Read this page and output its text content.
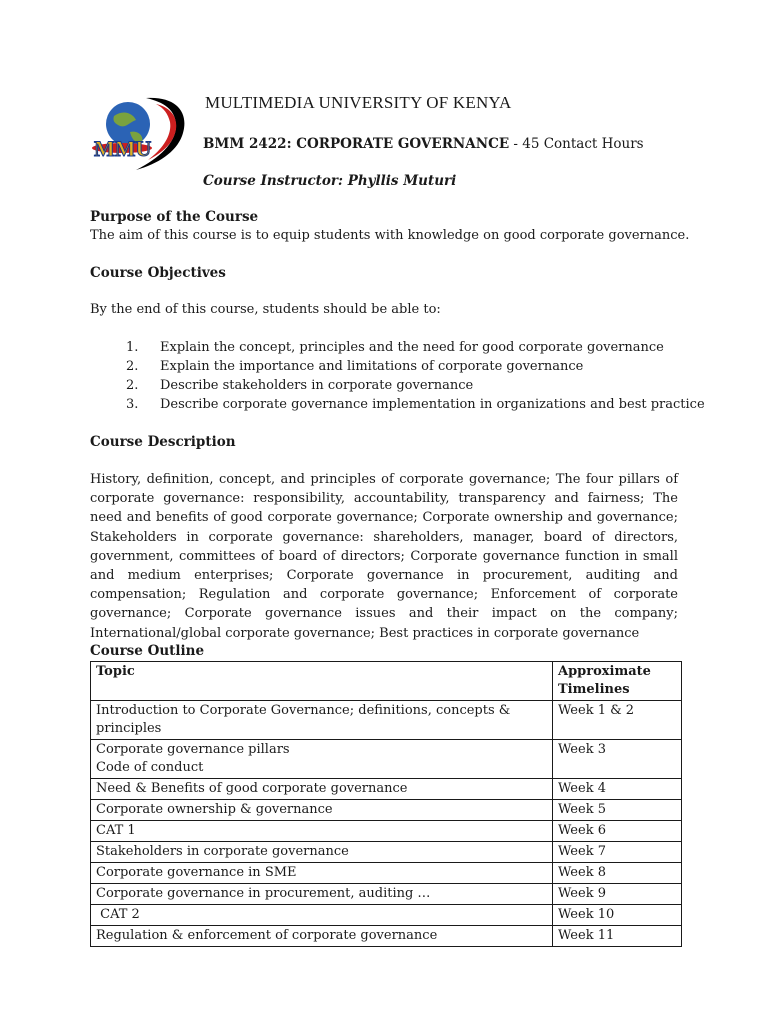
MMU
MULTIMEDIA UNIVERSITY OF KENYA
BMM 2422: CORPORATE GOVERNANCE - 45 Contact Hours
Course Instructor: Phyllis Muturi
Purpose of the Course
The aim of this course is to equip students with knowledge on good corporate governance.
Course Objectives
By the end of this course, students should be able to:
1. Explain the concept, principles and the need for good corporate governance
2. Explain the importance and limitations of corporate governance
2. Describe stakeholders in corporate governance
3. Describe corporate governance implementation in organizations and best practice
Course Description
History, definition, concept, and principles of corporate governance; The four pillars of corporate governance: responsibility, accountability, transparency and fairness; The need and benefits of good corporate governance; Corporate ownership and governance; Stakeholders in corporate governance: shareholders, manager, board of directors, government, committees of board of directors; Corporate governance function in small and medium enterprises; Corporate governance in procurement, auditing and compensation; Regulation and corporate governance; Enforcement of corporate governance; Corporate governance issues and their impact on the company; International/global corporate governance; Best practices in corporate governance
Course Outline
Topic	Approximate
Timelines

Introduction to Corporate Governance; definitions, concepts & principles	Week 1 & 2

Corporate governance pillars
Code of conduct	Week 3
Need & Benefits of good corporate governance	Week 4
Corporate ownership & governance	Week 5
CAT 1	Week 6
Stakeholders in corporate governance	Week 7
Corporate governance in SME	Week 8
Corporate governance in procurement, auditing …	Week 9
CAT 2	Week 10
Regulation & enforcement of corporate governance	Week 11
